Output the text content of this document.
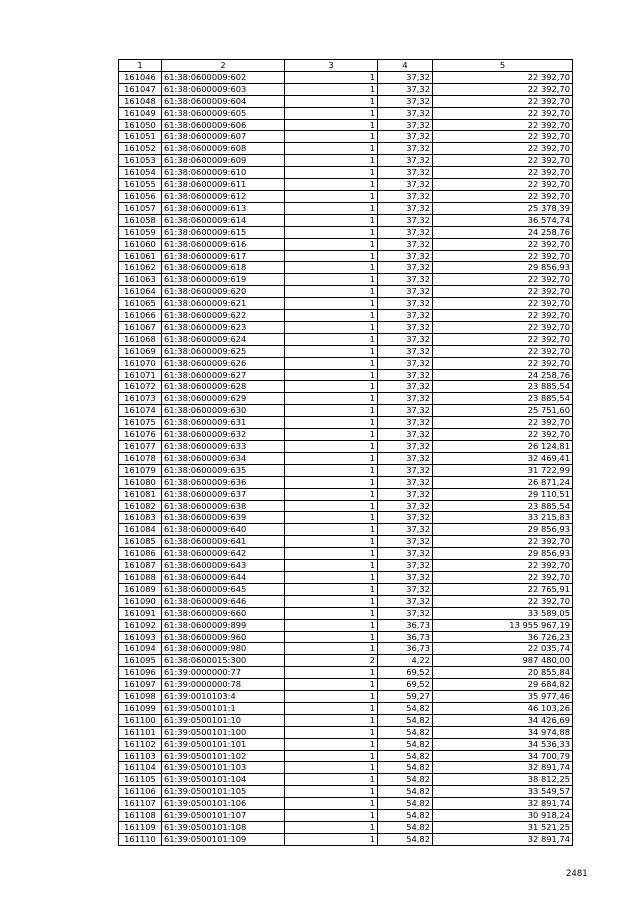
1	2	3	4	5
161046	61:38:0600009:602	1	37,32	22 392,70
161047	61:38:0600009:603	1	37,32	22 392,70
161048	61:38:0600009:604	1	37,32	22 392,70
161049	61:38:0600009:605	1	37,32	22 392,70
161050	61:38:0600009:606	1	37,32	22 392,70
161051	61:38:0600009:607	1	37,32	22 392,70
161052	61:38:0600009:608	1	37,32	22 392,70
161053	61:38:0600009:609	1	37,32	22 392,70
161054	61:38:0600009:610	1	37,32	22 392,70
161055	61:38:0600009:611	1	37,32	22 392,70
161056	61:38:0600009:612	1	37,32	22 392,70
161057	61:38:0600009:613	1	37,32	25 378,39
161058	61:38:0600009:614	1	37,32	36 574,74
161059	61:38:0600009:615	1	37,32	24 258,76
161060	61:38:0600009:616	1	37,32	22 392,70
161061	61:38:0600009:617	1	37,32	22 392,70
161062	61:38:0600009:618	1	37,32	29 856,93
161063	61:38:0600009:619	1	37,32	22 392,70
161064	61:38:0600009:620	1	37,32	22 392,70
161065	61:38:0600009:621	1	37,32	22 392,70
161066	61:38:0600009:622	1	37,32	22 392,70
161067	61:38:0600009:623	1	37,32	22 392,70
161068	61:38:0600009:624	1	37,32	22 392,70
161069	61:38:0600009:625	1	37,32	22 392,70
161070	61:38:0600009:626	1	37,32	22 392,70
161071	61:38:0600009:627	1	37,32	24 258,76
161072	61:38:0600009:628	1	37,32	23 885,54
161073	61:38:0600009:629	1	37,32	23 885,54
161074	61:38:0600009:630	1	37,32	25 751,60
161075	61:38:0600009:631	1	37,32	22 392,70
161076	61:38:0600009:632	1	37,32	22 392,70
161077	61:38:0600009:633	1	37,32	26 124,81
161078	61:38:0600009:634	1	37,32	32 469,41
161079	61:38:0600009:635	1	37,32	31 722,99
161080	61:38:0600009:636	1	37,32	26 871,24
161081	61:38:0600009:637	1	37,32	29 110,51
161082	61:38:0600009:638	1	37,32	23 885,54
161083	61:38:0600009:639	1	37,32	33 215,83
161084	61:38:0600009:640	1	37,32	29 856,93
161085	61:38:0600009:641	1	37,32	22 392,70
161086	61:38:0600009:642	1	37,32	29 856,93
161087	61:38:0600009:643	1	37,32	22 392,70
161088	61:38:0600009:644	1	37,32	22 392,70
161089	61:38:0600009:645	1	37,32	22 765,91
161090	61:38:0600009:646	1	37,32	22 392,70
161091	61:38:0600009:660	1	37,32	33 589,05
161092	61:38:0600009:899	1	36,73	13 955 967,19
161093	61:38:0600009:960	1	36,73	36 726,23
161094	61:38:0600009:980	1	36,73	22 035,74
161095	61:38:0600015:300	2	4,22	987 480,00
161096	61:39:0000000:77	1	69,52	20 855,84
161097	61:39:0000000:78	1	69,52	29 684,82
161098	61:39:0010103:4	1	59,27	35 977,46
161099	61:39:0500101:1	1	54,82	46 103,26
161100	61:39:0500101:10	1	54,82	34 426,69
161101	61:39:0500101:100	1	54,82	34 974,88
161102	61:39:0500101:101	1	54,82	34 536,33
161103	61:39:0500101:102	1	54,82	34 700,79
161104	61:39:0500101:103	1	54,82	32 891,74
161105	61:39:0500101:104	1	54,82	38 812,25
161106	61:39:0500101:105	1	54,82	33 549,57
161107	61:39:0500101:106	1	54,82	32 891,74
161108	61:39:0500101:107	1	54,82	30 918,24
161109	61:39:0500101:108	1	54,82	31 521,25
161110	61:39:0500101:109	1	54,82	32 891,74
2481
